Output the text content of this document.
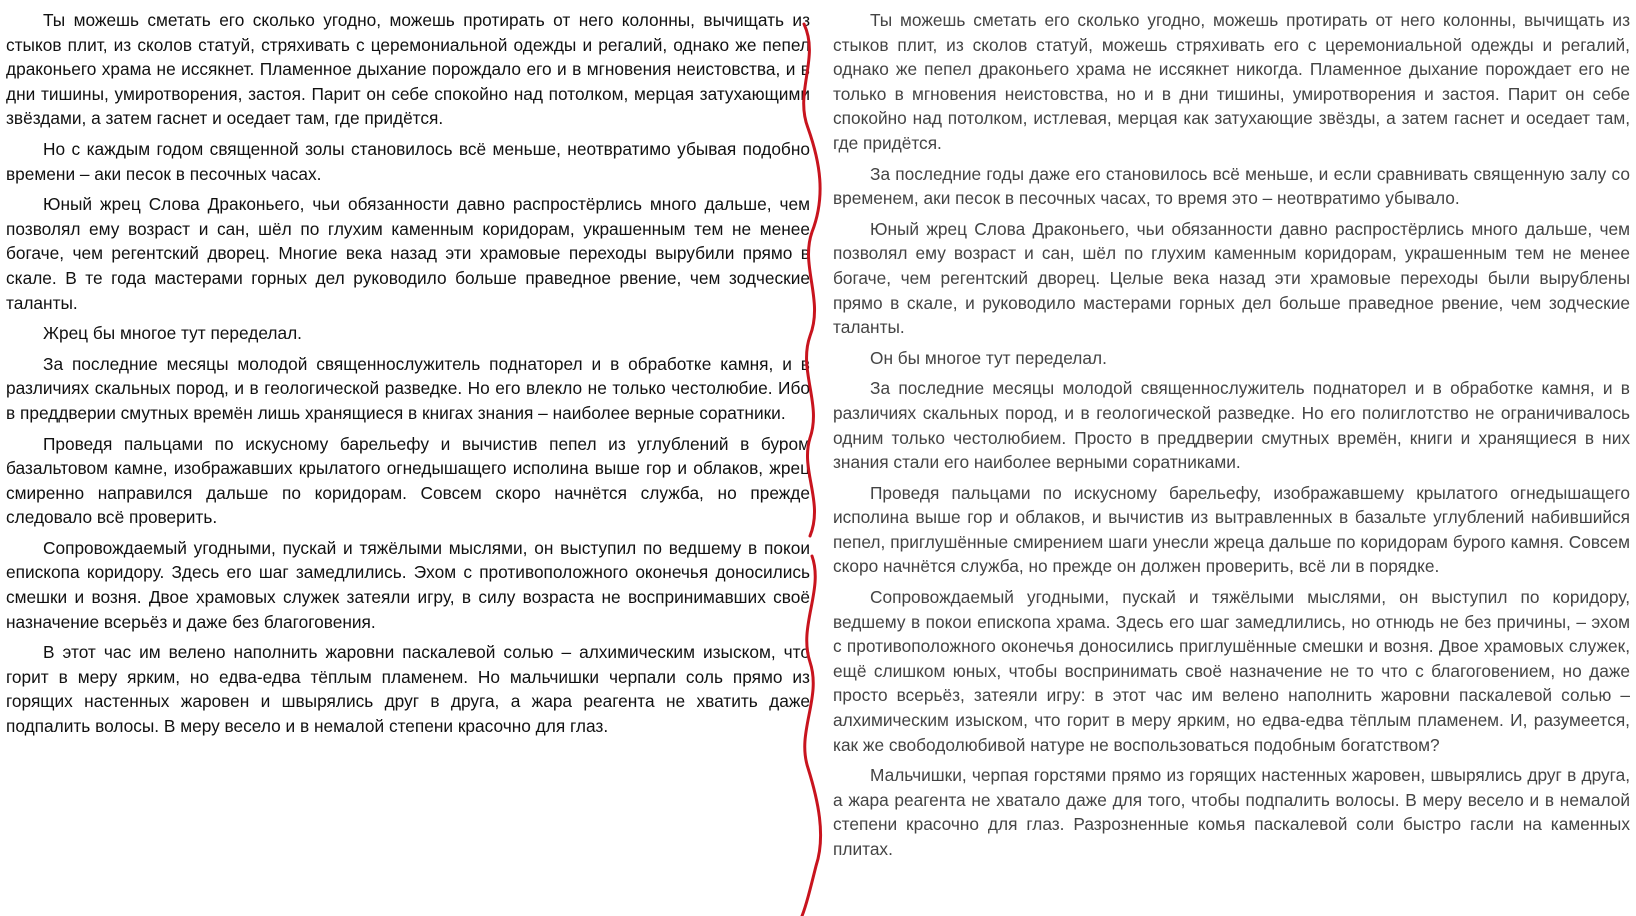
Ты можешь сметать его сколько угодно, можешь протирать от него колонны, вычищать из стыков плит, из сколов статуй, стряхивать с церемониальной одежды и регалий, однако же пепел драконьего храма не иссякнет. Пламенное дыхание порождало его и в мгновения неистовства, и в дни тишины, умиротворения, застоя. Парит он себе спокойно над потолком, мерцая затухающими звёздами, а затем гаснет и оседает там, где придётся.

Но с каждым годом священной золы становилось всё меньше, неотвратимо убывая подобно времени – аки песок в песочных часах.

Юный жрец Слова Драконьего, чьи обязанности давно распростёрлись много дальше, чем позволял ему возраст и сан, шёл по глухим каменным коридорам, украшенным тем не менее богаче, чем регентский дворец. Многие века назад эти храмовые переходы вырубили прямо в скале. В те года мастерами горных дел руководило больше праведное рвение, чем зодческие таланты.

Жрец бы многое тут переделал.

За последние месяцы молодой священнослужитель поднаторел и в обработке камня, и в различиях скальных пород, и в геологической разведке. Но его влекло не только честолюбие. Ибо в преддверии смутных времён лишь хранящиеся в книгах знания – наиболее верные соратники.

Проведя пальцами по искусному барельефу и вычистив пепел из углублений в буром базальтовом камне, изображавших крылатого огнедышащего исполина выше гор и облаков, жрец смиренно направился дальше по коридорам. Совсем скоро начнётся служба, но прежде следовало всё проверить.

Сопровождаемый угодными, пускай и тяжёлыми мыслями, он выступил по ведшему в покои епископа коридору. Здесь его шаг замедлились. Эхом с противоположного оконечья доносились смешки и возня. Двое храмовых служек затеяли игру, в силу возраста не воспринимавших своё назначение всерьёз и даже без благоговения.

В этот час им велено наполнить жаровни паскалевой солью – алхимическим изыском, что горит в меру ярким, но едва-едва тёплым пламенем. Но мальчишки черпали соль прямо из горящих настенных жаровен и швырялись друг в друга, а жара реагента не хватить даже подпалить волосы. В меру весело и в немалой степени красочно для глаз.

Ты можешь сметать его сколько угодно, можешь протирать от него колонны, вычищать из стыков плит, из сколов статуй, можешь стряхивать его с церемониальной одежды и регалий, однако же пепел драконьего храма не иссякнет никогда. Пламенное дыхание порождает его не только в мгновения неистовства, но и в дни тишины, умиротворения и застоя. Парит он себе спокойно над потолком, истлевая, мерцая как затухающие звёзды, а затем гаснет и оседает там, где придётся.

За последние годы даже его становилось всё меньше, и если сравнивать священную залу со временем, аки песок в песочных часах, то время это – неотвратимо убывало.

Юный жрец Слова Драконьего, чьи обязанности давно распростёрлись много дальше, чем позволял ему возраст и сан, шёл по глухим каменным коридорам, украшенным тем не менее богаче, чем регентский дворец. Целые века назад эти храмовые переходы были вырублены прямо в скале, и руководило мастерами горных дел больше праведное рвение, чем зодческие таланты.

Он бы многое тут переделал.

За последние месяцы молодой священнослужитель поднаторел и в обработке камня, и в различиях скальных пород, и в геологической разведке. Но его полиглотство не ограничивалось одним только честолюбием. Просто в преддверии смутных времён, книги и хранящиеся в них знания стали его наиболее верными соратниками.

Проведя пальцами по искусному барельефу, изображавшему крылатого огнедышащего исполина выше гор и облаков, и вычистив из вытравленных в базальте углублений набившийся пепел, приглушённые смирением шаги унесли жреца дальше по коридорам бурого камня. Совсем скоро начнётся служба, но прежде он должен проверить, всё ли в порядке.

Сопровождаемый угодными, пускай и тяжёлыми мыслями, он выступил по коридору, ведшему в покои епископа храма. Здесь его шаг замедлились, но отнюдь не без причины, – эхом с противоположного оконечья доносились приглушённые смешки и возня. Двое храмовых служек, ещё слишком юных, чтобы воспринимать своё назначение не то что с благоговением, но даже просто всерьёз, затеяли игру: в этот час им велено наполнить жаровни паскалевой солью – алхимическим изыском, что горит в меру ярким, но едва-едва тёплым пламенем. И, разумеется, как же свободолюбивой натуре не воспользоваться подобным богатством?

Мальчишки, черпая горстями прямо из горящих настенных жаровен, швырялись друг в друга, а жара реагента не хватало даже для того, чтобы подпалить волосы. В меру весело и в немалой степени красочно для глаз. Разрозненные комья паскалевой соли быстро гасли на каменных плитах.
